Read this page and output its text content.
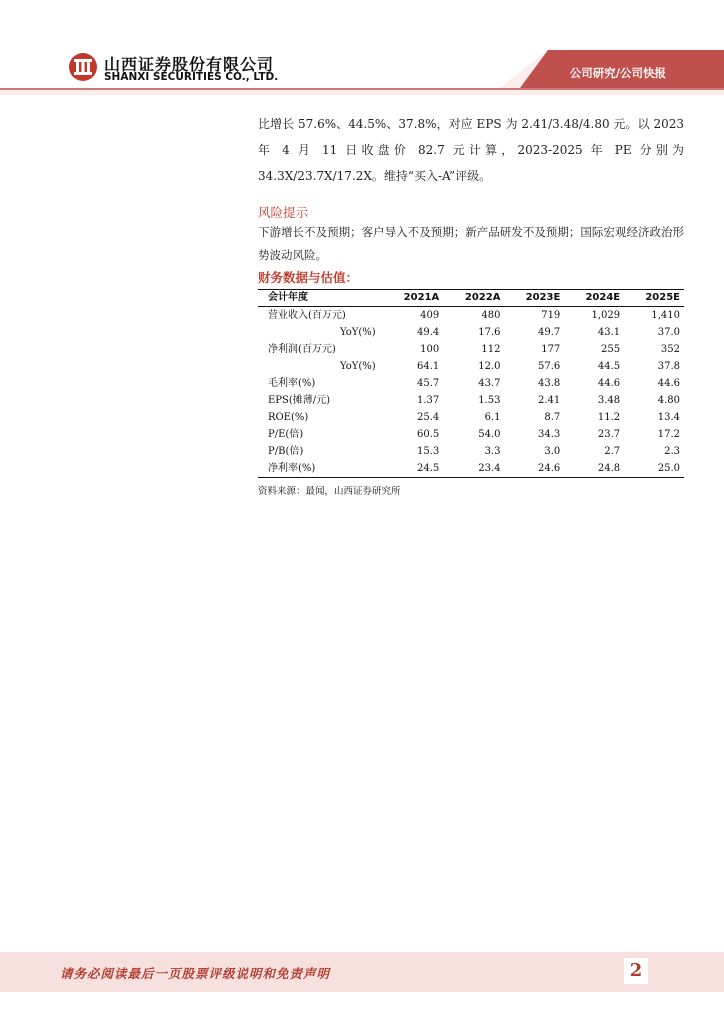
山西证券股份有限公司
SHANXI SECURITIES CO., LTD.	公司研究/公司快报
比增长 57.6%、44.5%、37.8%，对应 EPS 为 2.41/3.48/4.80 元。以 2023 年 4 月 11 日收盘价 82.7 元计算，2023-2025 年 PE 分别为 34.3X/23.7X/17.2X。维持“买入-A”评级。
风险提示
下游增长不及预期；客户导入不及预期；新产品研发不及预期；国际宏观经济政治形势波动风险。
财务数据与估值：
会计年度	2021A	2022A	2023E	2024E	2025E
营业收入(百万元)	409	480	719	1,029	1,410
YoY(%)	49.4	17.6	49.7	43.1	37.0
净利润(百万元)	100	112	177	255	352
YoY(%)	64.1	12.0	57.6	44.5	37.8
毛利率(%)	45.7	43.7	43.8	44.6	44.6
EPS(摊薄/元)	1.37	1.53	2.41	3.48	4.80
ROE(%)	25.4	6.1	8.7	11.2	13.4
P/E(倍)	60.5	54.0	34.3	23.7	17.2
P/B(倍)	15.3	3.3	3.0	2.7	2.3
净利率(%)	24.5	23.4	24.6	24.8	25.0
资料来源：最闻，山西证券研究所
请务必阅读最后一页股票评级说明和免责声明	2
